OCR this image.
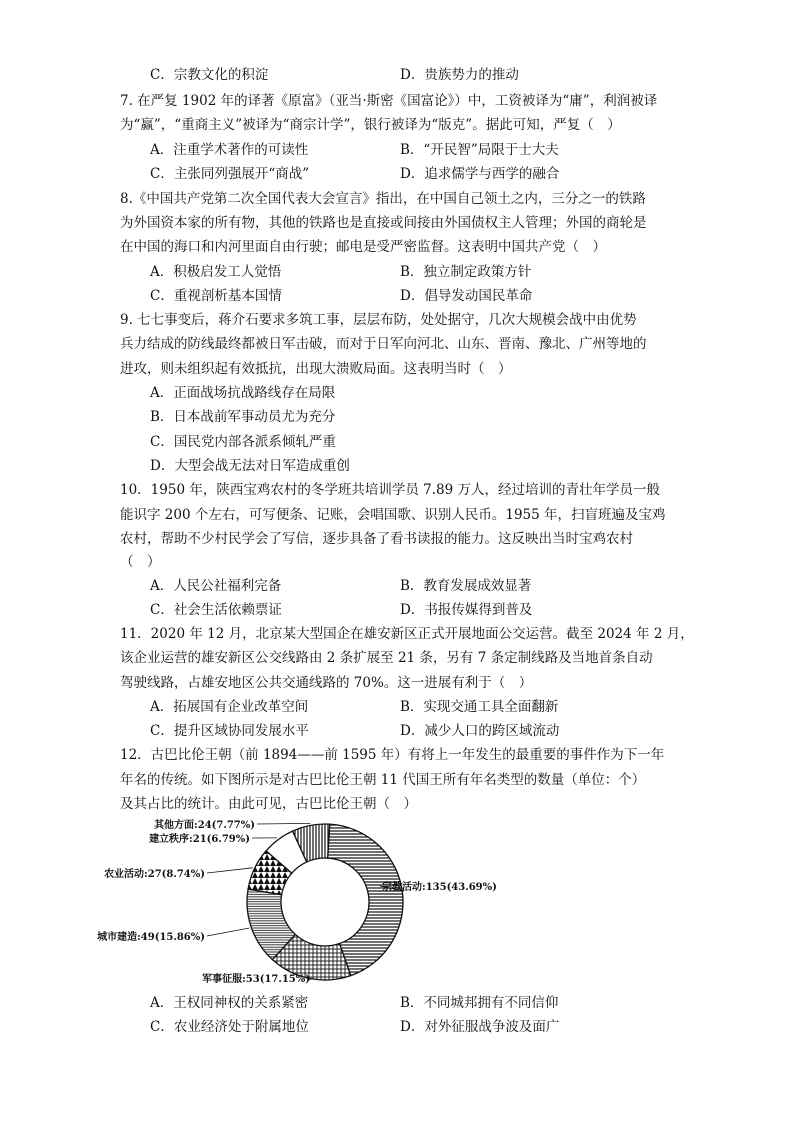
C．宗教文化的积淀	D．贵族势力的推动
7. 在严复 1902 年的译著《原富》（亚当·斯密《国富论》）中，工资被译为“庸”，利润被译
为“赢”，“重商主义”被译为“商宗计学”，银行被译为“版克”。据此可知，严复（　）
A．注重学术著作的可读性	B．“开民智”局限于士大夫
C．主张同列强展开“商战”	D．追求儒学与西学的融合
8.《中国共产党第二次全国代表大会宣言》指出，在中国自己领土之内，三分之一的铁路
为外国资本家的所有物，其他的铁路也是直接或间接由外国债权主人管理；外国的商轮是
在中国的海口和内河里面自由行驶；邮电是受严密监督。这表明中国共产党（　）
A．积极启发工人觉悟	B．独立制定政策方针
C．重视剖析基本国情	D．倡导发动国民革命
9. 七七事变后，蒋介石要求多筑工事，层层布防，处处据守，几次大规模会战中由优势
兵力结成的防线最终都被日军击破，而对于日军向河北、山东、晋南、豫北、广州等地的
进攻，则未组织起有效抵抗，出现大溃败局面。这表明当时（　）
A．正面战场抗战路线存在局限
B．日本战前军事动员尤为充分
C．国民党内部各派系倾轧严重
D．大型会战无法对日军造成重创
10．1950 年，陕西宝鸡农村的冬学班共培训学员 7.89 万人，经过培训的青壮年学员一般
能识字 200 个左右，可写便条、记账，会唱国歌、识别人民币。1955 年，扫盲班遍及宝鸡
农村，帮助不少村民学会了写信，逐步具备了看书读报的能力。这反映出当时宝鸡农村
（　）
A．人民公社福利完备	B．教育发展成效显著
C．社会生活依赖票证	D．书报传媒得到普及
11．2020 年 12 月，北京某大型国企在雄安新区正式开展地面公交运营。截至 2024 年 2 月，
该企业运营的雄安新区公交线路由 2 条扩展至 21 条，另有 7 条定制线路及当地首条自动
驾驶线路，占雄安地区公共交通线路的 70%。这一进展有利于（　）
A．拓展国有企业改革空间	B．实现交通工具全面翻新
C．提升区域协同发展水平	D．减少人口的跨区域流动
12．古巴比伦王朝（前 1894——前 1595 年）有将上一年发生的最重要的事件作为下一年
年名的传统。如下图所示是对古巴比伦王朝 11 代国王所有年名类型的数量（单位：个）
及其占比的统计。由此可见，古巴比伦王朝（　）
宗教活动:135(43.69%)
军事征服:53(17.15%)
城市建造:49(15.86%)
农业活动:27(8.74%)
建立秩序:21(6.79%)
其他方面:24(7.77%)
A．王权同神权的关系紧密	B．不同城邦拥有不同信仰
C．农业经济处于附属地位	D．对外征服战争波及面广
